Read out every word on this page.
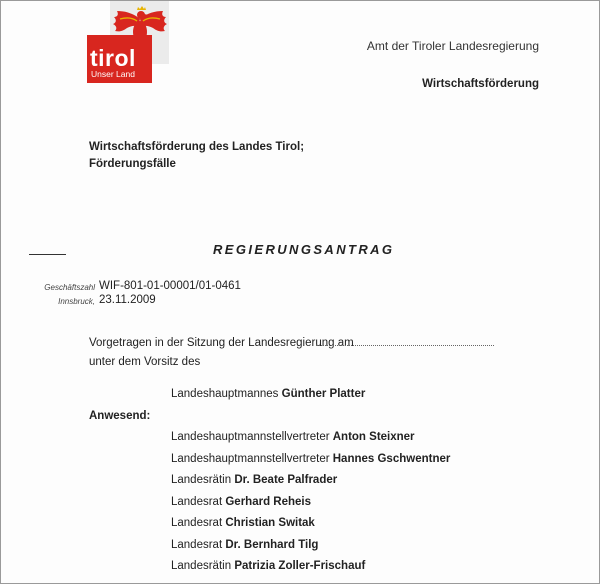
tirol
Unser Land
Amt der Tiroler Landesregierung
Wirtschaftsförderung
Wirtschaftsförderung des Landes Tirol;
Förderungsfälle
REGIERUNGSANTRAG
Geschäftszahl WIF-801-01-00001/01-0461
Innsbruck, 23.11.2009
Vorgetragen in der Sitzung der Landesregierung am
unter dem Vorsitz des
Landeshauptmannes Günther Platter
Anwesend:
Landeshauptmannstellvertreter Anton Steixner
Landeshauptmannstellvertreter Hannes Gschwentner
Landesrätin Dr. Beate Palfrader
Landesrat Gerhard Reheis
Landesrat Christian Switak
Landesrat Dr. Bernhard Tilg
Landesrätin Patrizia Zoller-Frischauf
